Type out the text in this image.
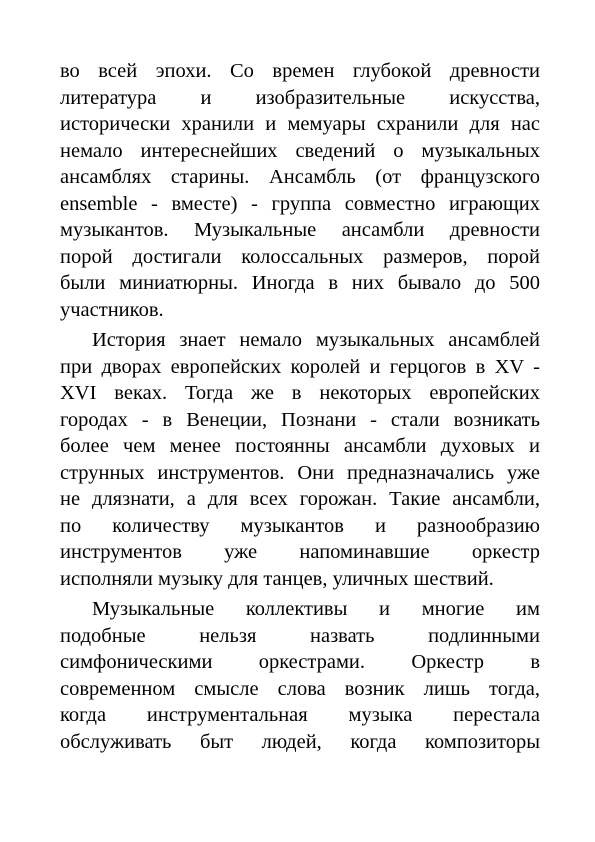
во всей эпохи. Со времен глубокой древности
литература и изобразительные искусства,
исторически хранили и мемуары схранили для нас
немало интереснейших сведений о музыкальных
ансамблях старины. Ансамбль (от французского
ensemble - вместе) - группа совместно играющих
музыкантов. Музыкальные ансамбли древности
порой достигали колоссальных размеров, порой
были миниатюрны. Иногда в них бывало до 500
участников.
История знает немало музыкальных ансамблей
при дворах европейских королей и герцогов в XV -
XVI веках. Тогда же в некоторых европейских
городах - в Венеции, Познани - стали возникать
более чем менее постоянны ансамбли духовых и
струнных инструментов. Они предназначались уже
не длязнати, а для всех горожан. Такие ансамбли,
по количеству музыкантов и разнообразию
инструментов уже напоминавшие оркестр
исполняли музыку для танцев, уличных шествий.
Музыкальные коллективы и многие им
подобные нельзя назвать подлинными
симфоническими оркестрами. Оркестр в
современном смысле слова возник лишь тогда,
когда инструментальная музыка перестала
обслуживать быт людей, когда композиторы
